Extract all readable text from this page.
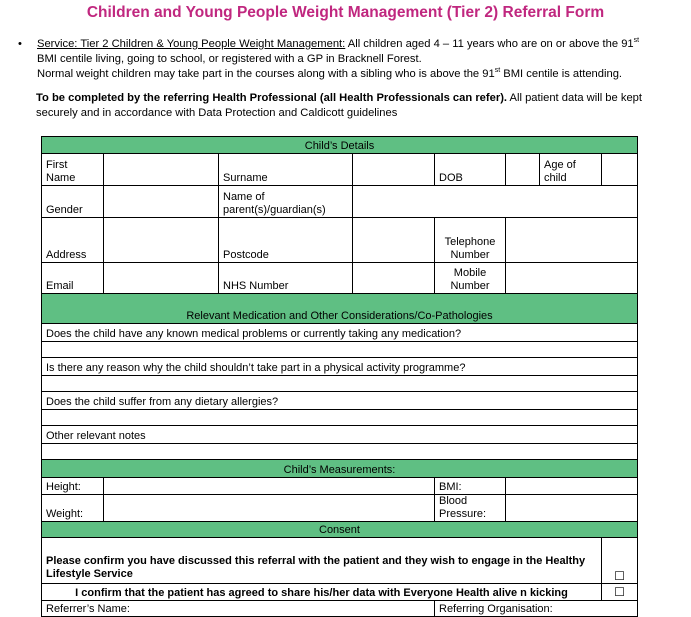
Children and Young People Weight Management (Tier 2) Referral Form
• Service: Tier 2 Children & Young People Weight Management: All children aged 4 – 11 years who are on or above the 91st
BMI centile living, going to school, or registered with a GP in Bracknell Forest.
Normal weight children may take part in the courses along with a sibling who is above the 91st BMI centile is attending.
To be completed by the referring Health Professional (all Health Professionals can refer). All patient data will be kept securely and in accordance with Data Protection and Caldicott guidelines
Child’s Details
First Name		Surname		DOB		Age of
child	

Gender		Name of
parent(s)/guardian(s)					

Address		Postcode		Telephone
Number			

Email		NHS Number		Mobile
Number			

Relevant Medication and Other Considerations/Co-Pathologies							
Does the child have any known medical problems or currently taking any medication?							

Is there any reason why the child shouldn’t take part in a physical activity programme?							

Does the child suffer from any dietary allergies?							

Other relevant notes							

Child’s Measurements:							
Height:				BMI:			
Weight:				Blood Pressure:			
Consent							

Please confirm you have discussed this referral with the patient and they wish to engage in the Healthy
Lifestyle Service							☐
I confirm that the patient has agreed to share his/her data with Everyone Health alive n kicking							☐
Referrer’s Name:				Referring Organisation:			
